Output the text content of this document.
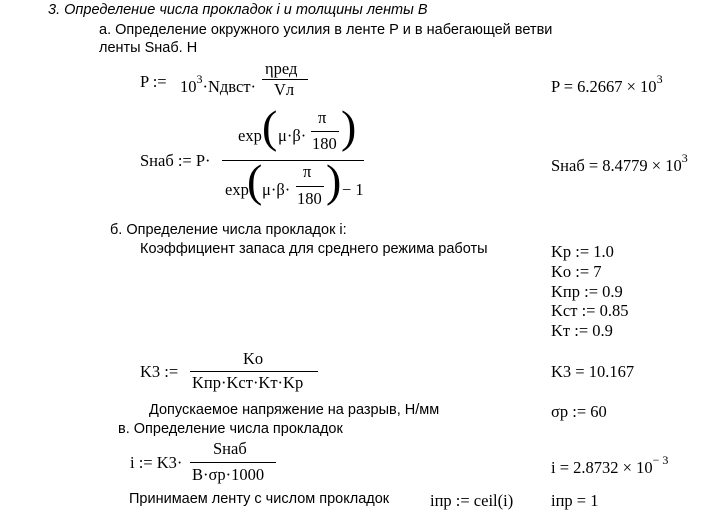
3. Определение числа прокладок i и толщины ленты В
а. Определение окружного усилия в ленте Р и в набегающей ветви
ленты Sнаб. Н
P := $10^3\cdot Nдвст\cdot$
ηред
Vл	$P = 6.2667 \times 10^3$
Sнаб := P·
exp ( μ·β·
π
180 )
exp
( μ·β·
π
180 ) − 1
Sнаб = $8.4779 \times 10^3$
б. Определение числа прокладок i:
Коэффициент запаса для среднего режима работы	Kр := 1.0
Kо := 7
Kпр := 0.9
Kст := 0.85
Kт := 0.9
K3 :=
Kо
Kпр·Kст·Kт·Kр
K3 = 10.167
Допускаемое напряжение на разрыв, Н/мм	σр := 60
в. Определение числа прокладок
i := K3·
Sнаб
B·σр·1000	$i = 2.8732 \times 10^{- 3}$
Принимаем ленту с числом прокладок iпр := ceil(i) iпр = 1
